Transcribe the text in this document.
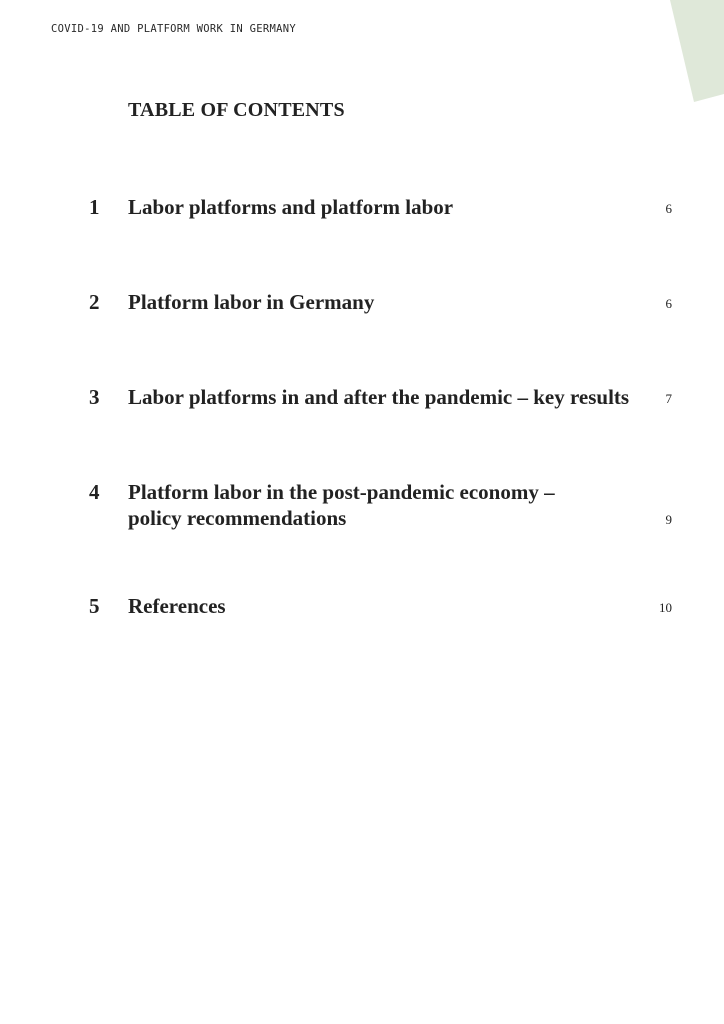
COVID-19 AND PLATFORM WORK IN GERMANY
TABLE OF CONTENTS
1 Labor platforms and platform labor	6
2 Platform labor in Germany	6
3 Labor platforms in and after the pandemic – key results	7
4 Platform labor in the post-pandemic economy –
policy recommendations	9
5 References	10
